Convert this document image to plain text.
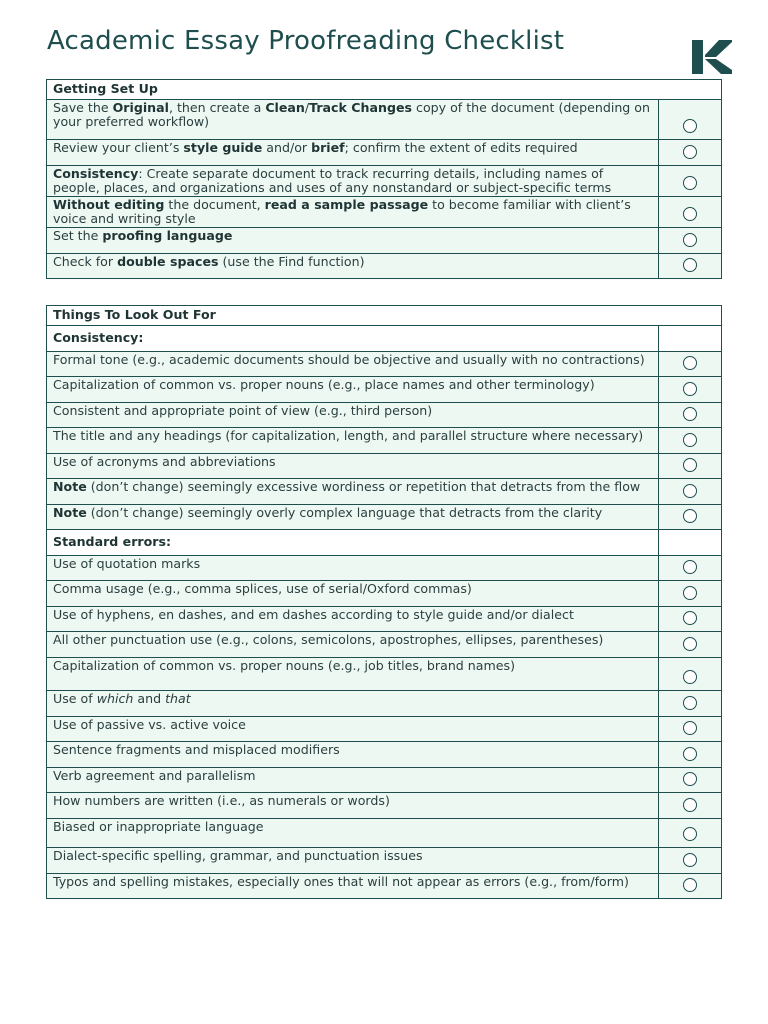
Academic Essay Proofreading Checklist
Getting Set Up	
Save the Original, then create a Clean/Track Changes copy of the document (depending on your preferred workflow)	
Review your client’s style guide and/or brief; confirm the extent of edits required	
Consistency: Create separate document to track recurring details, including names of people, places, and organizations and uses of any nonstandard or subject-specific terms	
Without editing the document, read a sample passage to become familiar with client’s voice and writing style	
Set the proofing language	
Check for double spaces (use the Find function)	
Things To Look Out For	
Consistency:	
Formal tone (e.g., academic documents should be objective and usually with no contractions)	
Capitalization of common vs. proper nouns (e.g., place names and other terminology)	
Consistent and appropriate point of view (e.g., third person)	
The title and any headings (for capitalization, length, and parallel structure where necessary)	
Use of acronyms and abbreviations	
Note (don’t change) seemingly excessive wordiness or repetition that detracts from the flow	
Note (don’t change) seemingly overly complex language that detracts from the clarity	
Standard errors:	
Use of quotation marks	
Comma usage (e.g., comma splices, use of serial/Oxford commas)	
Use of hyphens, en dashes, and em dashes according to style guide and/or dialect	
All other punctuation use (e.g., colons, semicolons, apostrophes, ellipses, parentheses)	
Capitalization of common vs. proper nouns (e.g., job titles, brand names)	
Use of which and that	
Use of passive vs. active voice	
Sentence fragments and misplaced modifiers	
Verb agreement and parallelism	
How numbers are written (i.e., as numerals or words)	
Biased or inappropriate language	
Dialect-specific spelling, grammar, and punctuation issues	
Typos and spelling mistakes, especially ones that will not appear as errors (e.g., from/form)	
